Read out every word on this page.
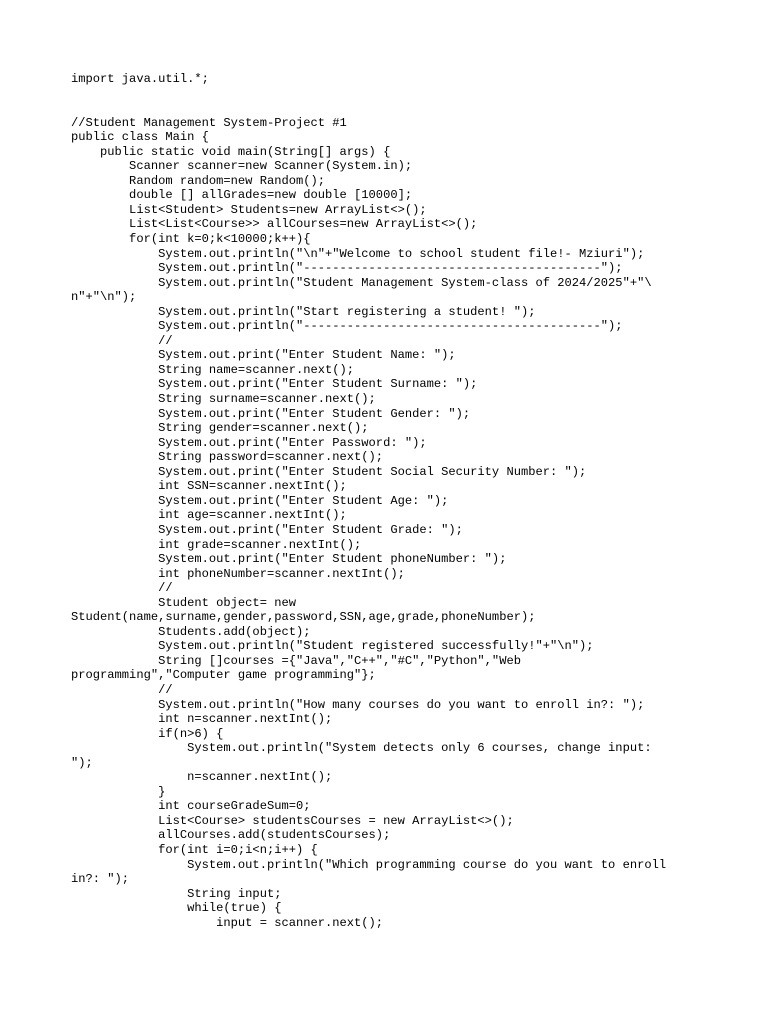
import java.util.*;
//Student Management System-Project #1
public class Main {
public static void main(String[] args) {
Scanner scanner=new Scanner(System.in);
Random random=new Random();
double [] allGrades=new double [10000];
List<Student> Students=new ArrayList<>();
List<List<Course>> allCourses=new ArrayList<>();
for(int k=0;k<10000;k++){
System.out.println("\n"+"Welcome to school student file!- Mziuri");
System.out.println("-----------------------------------------");
System.out.println("Student Management System-class of 2024/2025"+"\
n"+"\n");
System.out.println("Start registering a student! ");
System.out.println("-----------------------------------------");
//
System.out.print("Enter Student Name: ");
String name=scanner.next();
System.out.print("Enter Student Surname: ");
String surname=scanner.next();
System.out.print("Enter Student Gender: ");
String gender=scanner.next();
System.out.print("Enter Password: ");
String password=scanner.next();
System.out.print("Enter Student Social Security Number: ");
int SSN=scanner.nextInt();
System.out.print("Enter Student Age: ");
int age=scanner.nextInt();
System.out.print("Enter Student Grade: ");
int grade=scanner.nextInt();
System.out.print("Enter Student phoneNumber: ");
int phoneNumber=scanner.nextInt();
//
Student object= new
Student(name,surname,gender,password,SSN,age,grade,phoneNumber);
Students.add(object);
System.out.println("Student registered successfully!"+"\n");
String []courses ={"Java","C++","#C","Python","Web
programming","Computer game programming"};
//
System.out.println("How many courses do you want to enroll in?: ");
int n=scanner.nextInt();
if(n>6) {
System.out.println("System detects only 6 courses, change input:
");
n=scanner.nextInt();
}
int courseGradeSum=0;
List<Course> studentsCourses = new ArrayList<>();
allCourses.add(studentsCourses);
for(int i=0;i<n;i++) {
System.out.println("Which programming course do you want to enroll
in?: ");
String input;
while(true) {
input = scanner.next();
